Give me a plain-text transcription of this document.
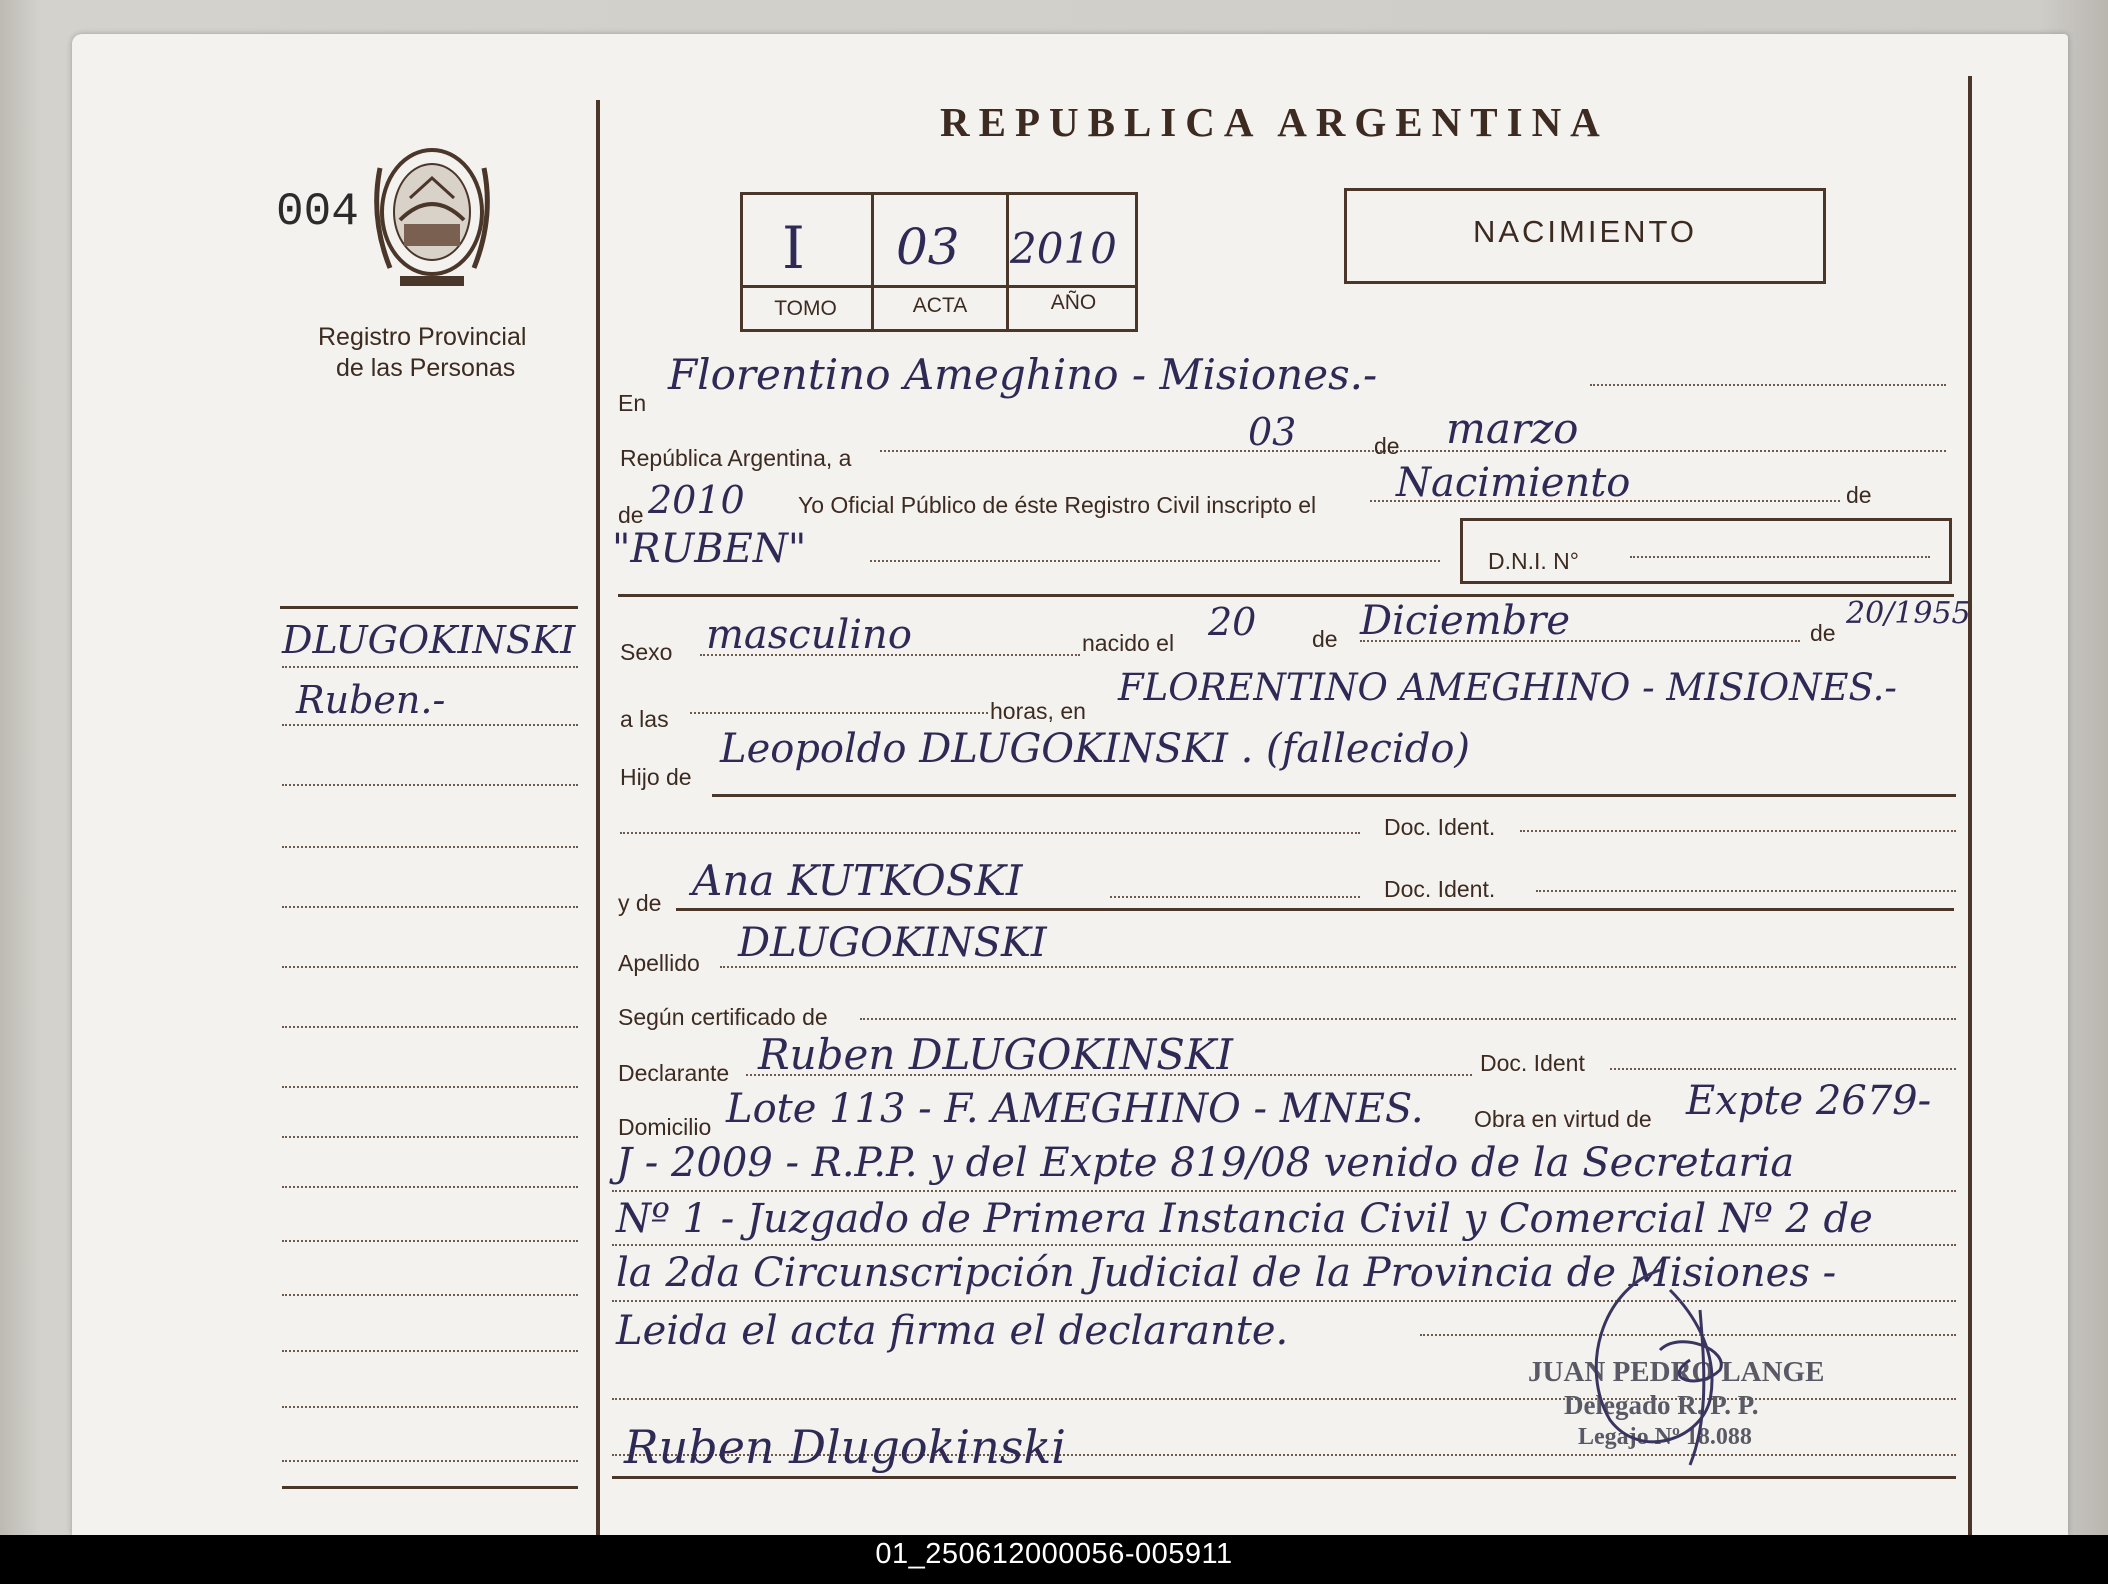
004
Registro Provincial
de las Personas
REPUBLICA ARGENTINA
I 03 2010
TOMO	ACTA	AÑO
NACIMIENTO
En
Florentino Ameghino - Misiones.-
República Argentina, a
03	de marzo
de 2010 Yo Oficial Público de éste Registro Civil inscripto el Nacimiento	de
"RUBEN"	D.N.I. N°
DLUGOKINSKI
Ruben.-
Sexo masculino	nacido el 20 de Diciembre	de
20/1955
a las	horas, en
FLORENTINO AMEGHINO - MISIONES.-
Hijo de
Leopoldo DLUGOKINSKI . (fallecido)
Doc. Ident.
y de Ana KUTKOSKI	Doc. Ident.
Apellido DLUGOKINSKI
Según certificado de
Declarante Ruben DLUGOKINSKI	Doc. Ident
Domicilio Lote 113 - F. AMEGHINO - MNES. Obra en virtud de Expte 2679-
J - 2009 - R.P.P. y del Expte 819/08 venido de la Secretaria
Nº 1 - Juzgado de Primera Instancia Civil y Comercial Nº 2 de
la 2da Circunscripción Judicial de la Provincia de Misiones -
Leida el acta firma el declarante.
JUAN PEDRO LANGE
Delegado R. P. P.
Legajo Nº 18.088
Ruben Dlugokinski
01_250612000056-005911
